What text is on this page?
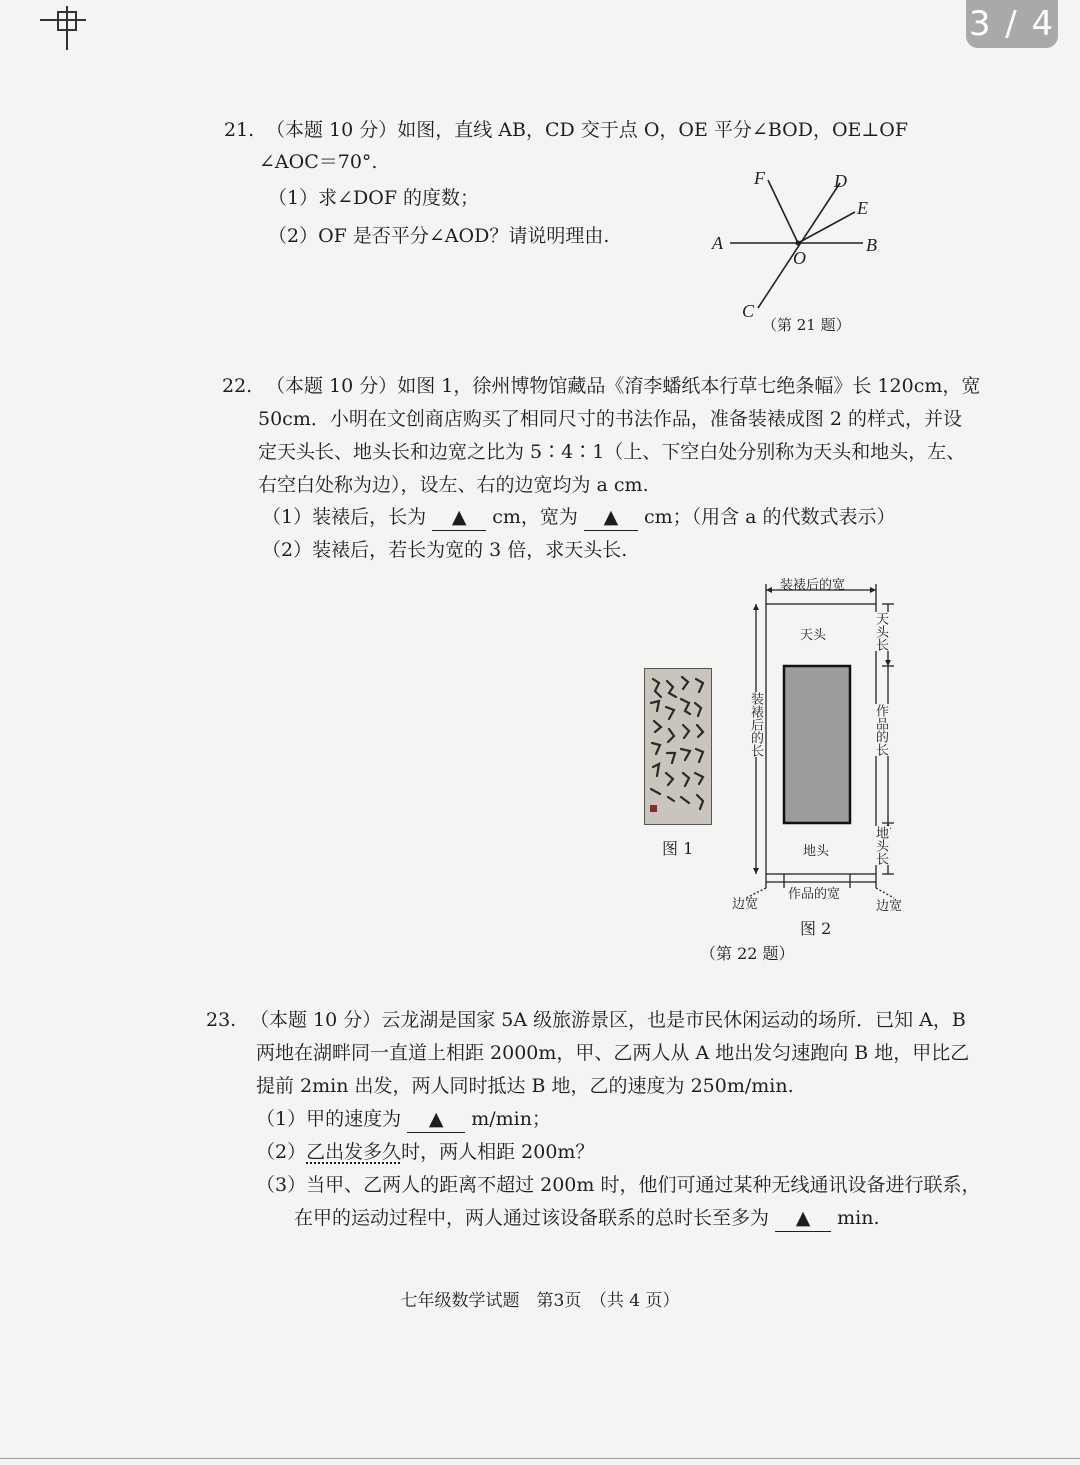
3 / 4
21. （本题 10 分）如图，直线 AB，CD 交于点 O，OE 平分∠BOD，OE⊥OF
∠AOC＝70°.
（1）求∠DOF 的度数；
（2）OF 是否平分∠AOD？请说明理由.	A	B
C
D
E
F
O
（第 21 题）
22. （本题 10 分）如图 1，徐州博物馆藏品《淯李蟠纸本行草七绝条幅》长 120cm，宽
50cm．小明在文创商店购买了相同尺寸的书法作品，准备装裱成图 2 的样式，并设
定天头长、地头长和边宽之比为 5∶4∶1（上、下空白处分别称为天头和地头，左、
右空白处称为边），设左、右的边宽均为 a cm.
（1）装裱后，长为 ▲ cm，宽为 ▲ cm；（用含 a 的代数式表示）
（2）装裱后，若长为宽的 3 倍，求天头长.
图 1
装裱后的宽
天头
地头
装裱后的长
天头长
作品的长
地头长
作品的宽
边宽	边宽
图 2
（第 22 题）
23. （本题 10 分）云龙湖是国家 5A 级旅游景区，也是市民休闲运动的场所．已知 A，B
两地在湖畔同一直道上相距 2000m，甲、乙两人从 A 地出发匀速跑向 B 地，甲比乙
提前 2min 出发，两人同时抵达 B 地，乙的速度为 250m/min.
（1）甲的速度为 ▲ m/min；
（2）乙出发多久时，两人相距 200m？
（3）当甲、乙两人的距离不超过 200m 时，他们可通过某种无线通讯设备进行联系，
在甲的运动过程中，两人通过该设备联系的总时长至多为 ▲ min.
七年级数学试题　第3页　（共 4 页）
